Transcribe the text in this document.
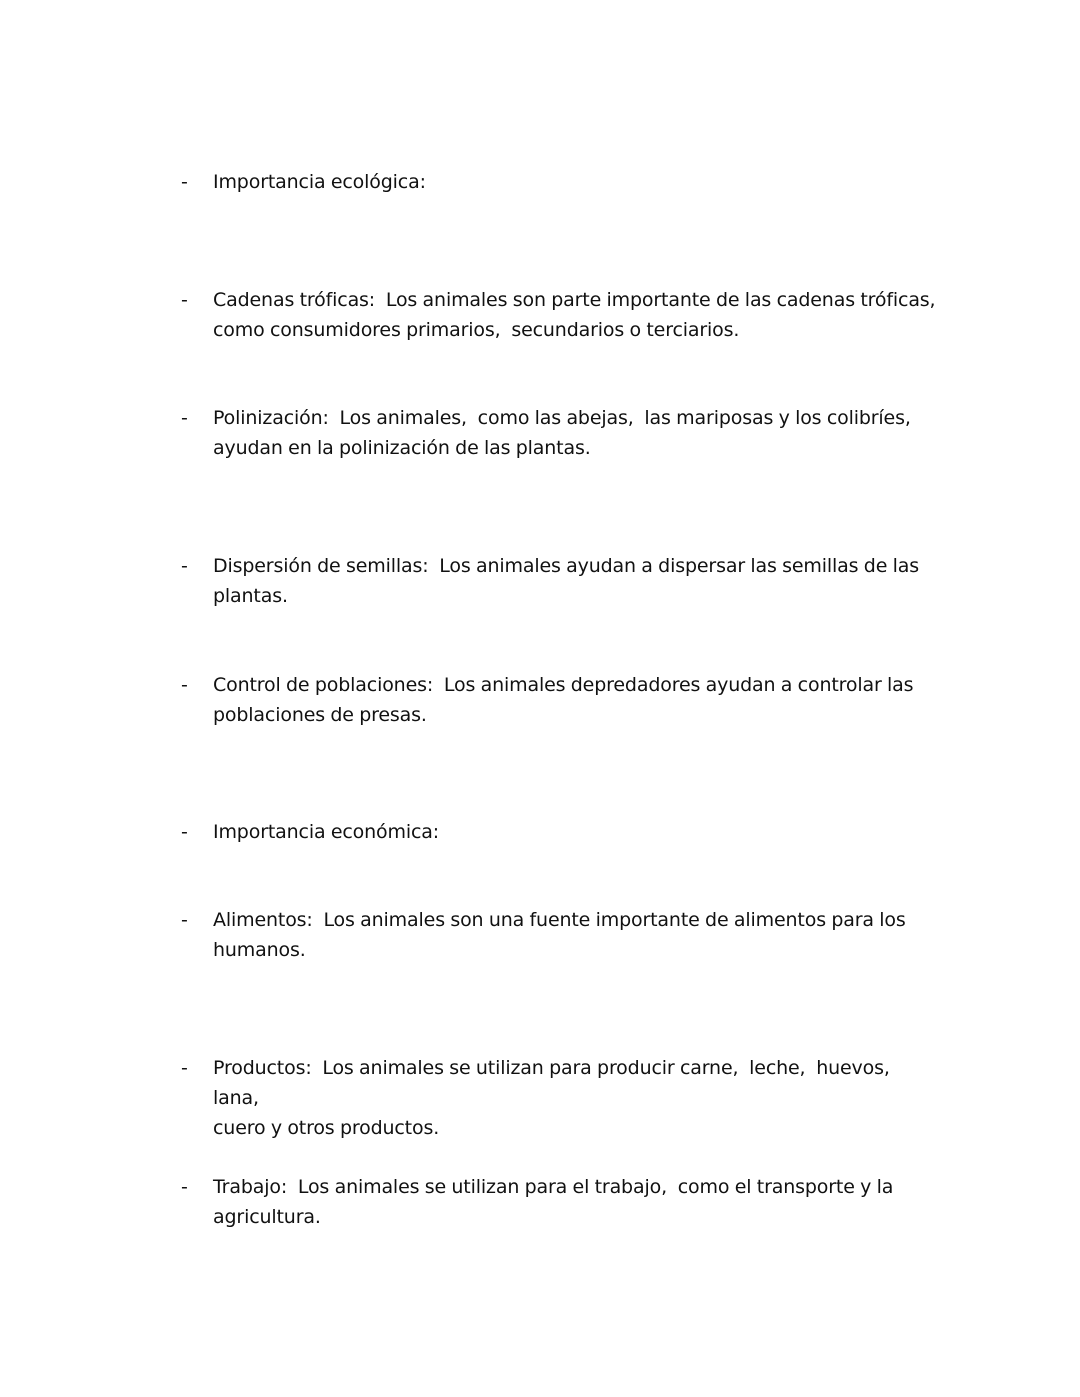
- Importancia ecológica:
- Cadenas tróficas:  Los animales son parte importante de las cadenas tróficas,
como consumidores primarios,  secundarios o terciarios.
- Polinización:  Los animales,  como las abejas,  las mariposas y los colibríes,
ayudan en la polinización de las plantas.
- Dispersión de semillas:  Los animales ayudan a dispersar las semillas de las
plantas.
- Control de poblaciones:  Los animales depredadores ayudan a controlar las
poblaciones de presas.
- Importancia económica:
- Alimentos:  Los animales son una fuente importante de alimentos para los
humanos.
- Productos:  Los animales se utilizan para producir carne,  leche,  huevos,  lana,
cuero y otros productos.
- Trabajo:  Los animales se utilizan para el trabajo,  como el transporte y la
agricultura.
